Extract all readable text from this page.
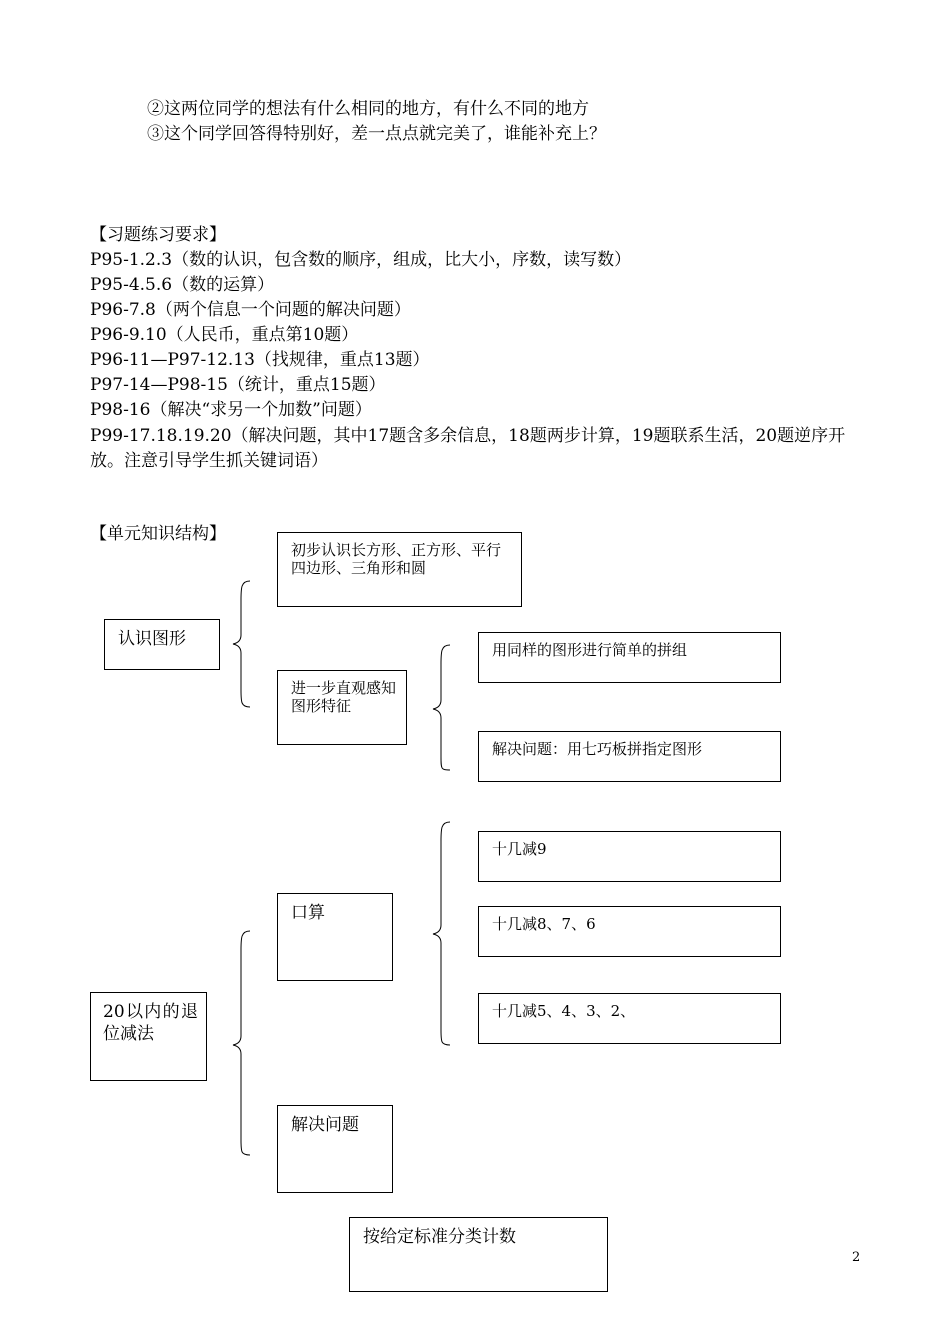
②这两位同学的想法有什么相同的地方，有什么不同的地方
③这个同学回答得特别好，差一点点就完美了，谁能补充上？
【习题练习要求】
P95-1.2.3（数的认识，包含数的顺序，组成，比大小，序数，读写数）
P95-4.5.6（数的运算）
P96-7.8（两个信息一个问题的解决问题）
P96-9.10（人民币，重点第10题）
P96-11—P97-12.13（找规律，重点13题）
P97-14—P98-15（统计，重点15题）
P98-16（解决“求另一个加数”问题）
P99-17.18.19.20（解决问题，其中17题含多余信息，18题两步计算，19题联系生活，20题逆序开放。注意引导学生抓关键词语）
【单元知识结构】
初步认识长方形、正方形、平行四边形、三角形和圆
认识图形
进一步直观感知图形特征
用同样的图形进行简单的拼组
解决问题：用七巧板拼指定图形
十几减9
口算
十几减8、7、6
20以内的退位减法
十几减5、4、3、2、
解决问题
按给定标准分类计数
2
